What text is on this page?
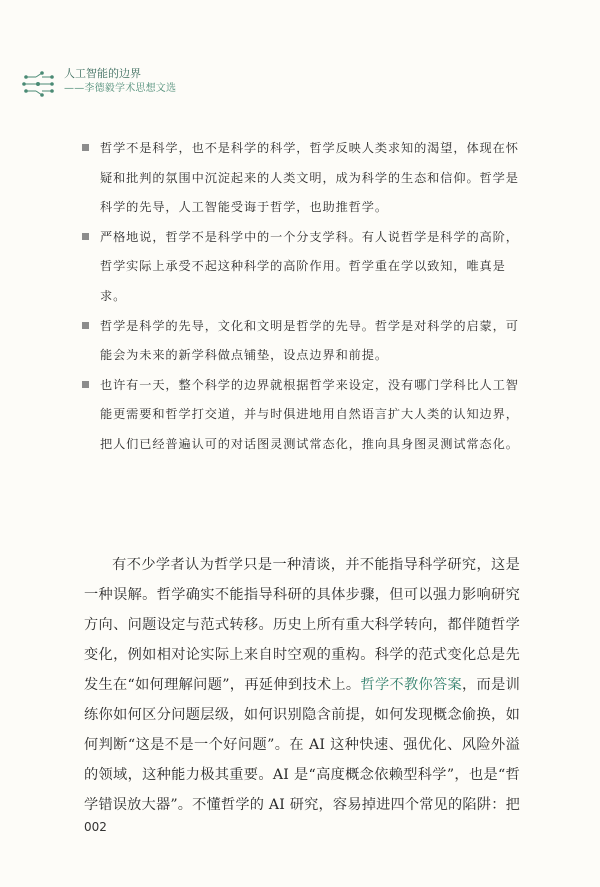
人工智能的边界
——李德毅学术思想文选
哲学不是科学，也不是科学的科学，哲学反映人类求知的渴望，体现在怀疑和批判的氛围中沉淀起来的人类文明，成为科学的生态和信仰。哲学是科学的先导，人工智能受诲于哲学，也助推哲学。
严格地说，哲学不是科学中的一个分支学科。有人说哲学是科学的高阶，哲学实际上承受不起这种科学的高阶作用。哲学重在学以致知，唯真是求。
哲学是科学的先导，文化和文明是哲学的先导。哲学是对科学的启蒙，可能会为未来的新学科做点铺垫，设点边界和前提。
也许有一天，整个科学的边界就根据哲学来设定，没有哪门学科比人工智能更需要和哲学打交道，并与时俱进地用自然语言扩大人类的认知边界，把人们已经普遍认可的对话图灵测试常态化，推向具身图灵测试常态化。

有不少学者认为哲学只是一种清谈，并不能指导科学研究，这是一种误解。哲学确实不能指导科研的具体步骤，但可以强力影响研究方向、问题设定与范式转移。历史上所有重大科学转向，都伴随哲学变化，例如相对论实际上来自时空观的重构。科学的范式变化总是先发生在“如何理解问题”，再延伸到技术上。哲学不教你答案，而是训练你如何区分问题层级，如何识别隐含前提，如何发现概念偷换，如何判断“这是不是一个好问题”。在 AI 这种快速、强优化、风险外溢的领域，这种能力极其重要。AI 是“高度概念依赖型科学”，也是“哲学错误放大器”。不懂哲学的 AI 研究，容易掉进四个常见的陷阱：把

002
